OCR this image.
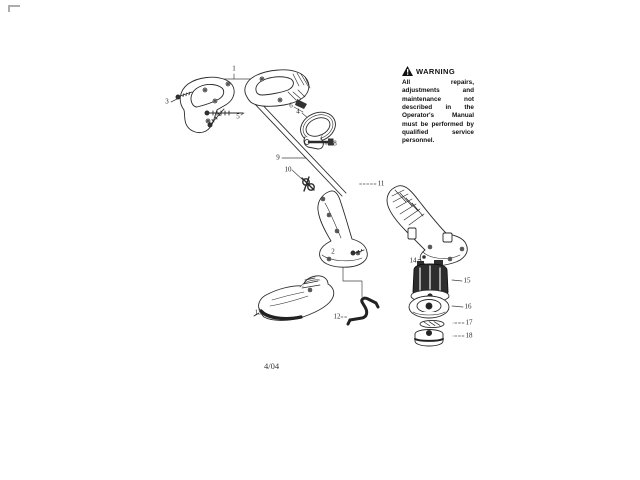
1
2
3
4
5
6
7
8
9
10
11
12
13
14
15
16
17
18
WARNING

All repairs, adjustments and maintenance not described in the Operator's Manual must be performed by qualified service personnel.

4/04
